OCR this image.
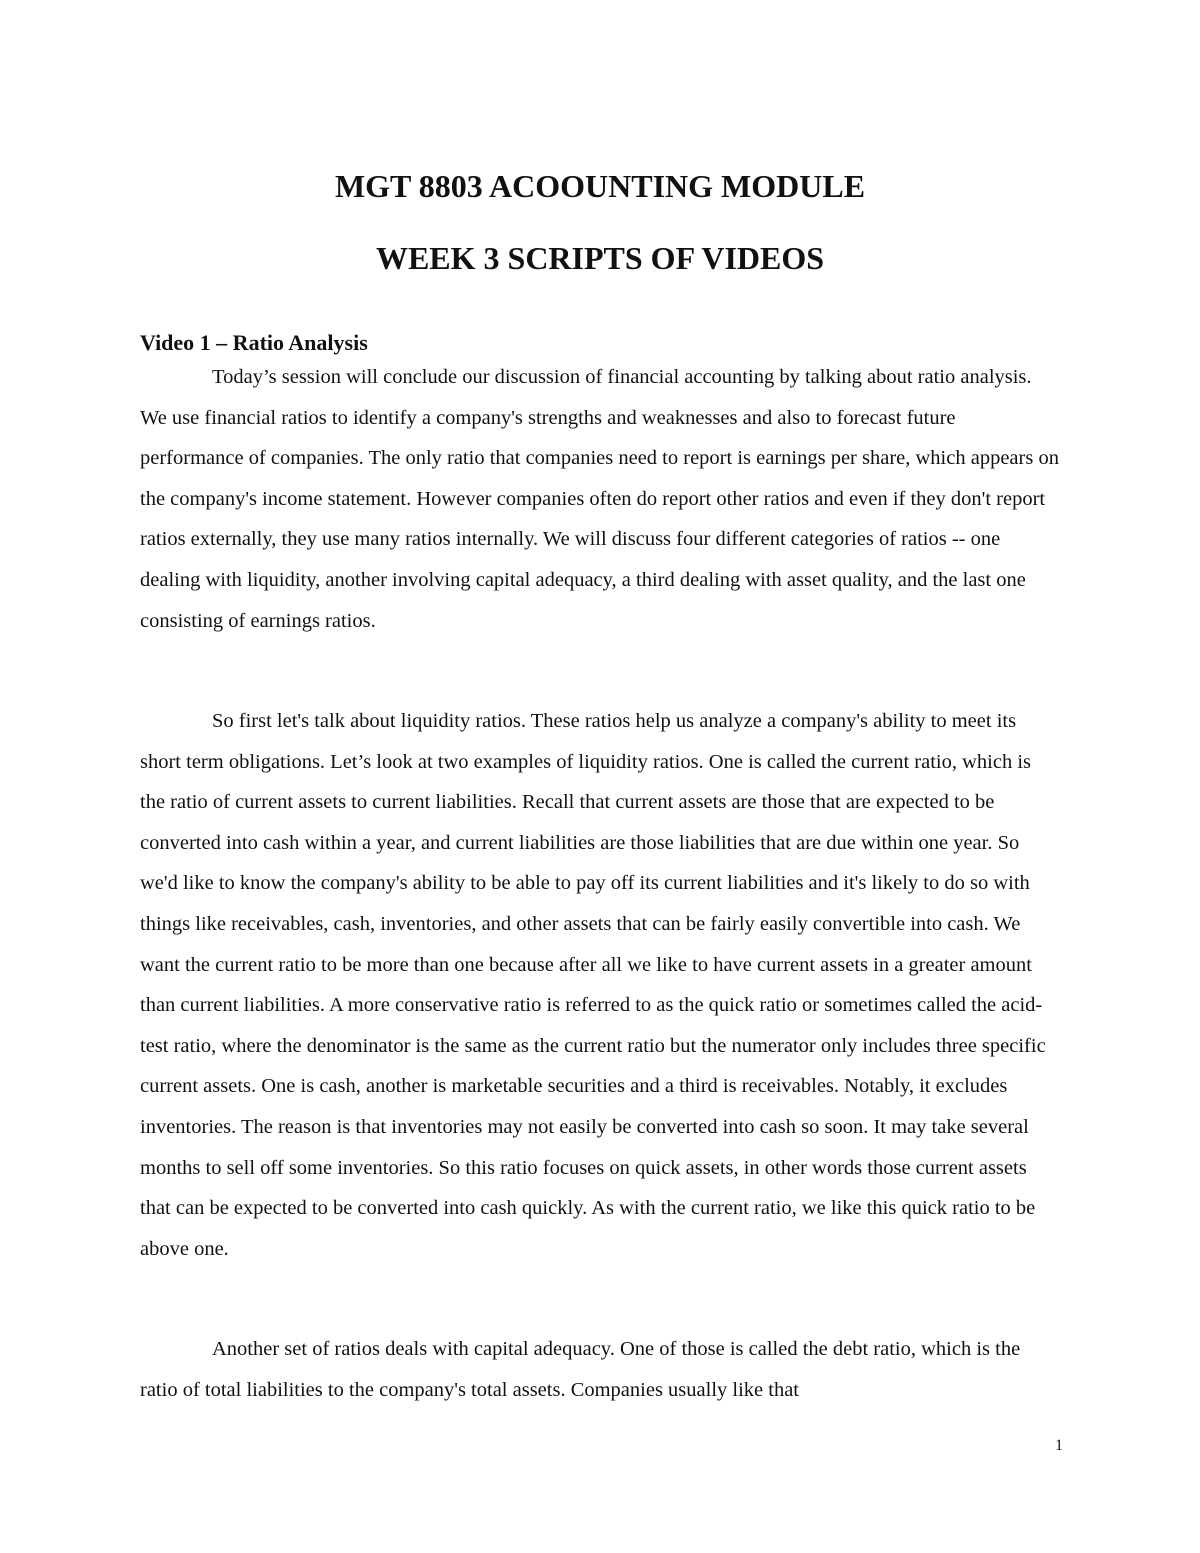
MGT 8803 ACOOUNTING MODULE
WEEK 3 SCRIPTS OF VIDEOS
Video 1 – Ratio Analysis

Today’s session will conclude our discussion of financial accounting by talking about ratio analysis. We use financial ratios to identify a company's strengths and weaknesses and also to forecast future performance of companies. The only ratio that companies need to report is earnings per share, which appears on the company's income statement. However companies often do report other ratios and even if they don't report ratios externally, they use many ratios internally. We will discuss four different categories of ratios -- one dealing with liquidity, another involving capital adequacy, a third dealing with asset quality, and the last one consisting of earnings ratios.

So first let's talk about liquidity ratios. These ratios help us analyze a company's ability to meet its short term obligations. Let’s look at two examples of liquidity ratios. One is called the current ratio, which is the ratio of current assets to current liabilities. Recall that current assets are those that are expected to be converted into cash within a year, and current liabilities are those liabilities that are due within one year. So we'd like to know the company's ability to be able to pay off its current liabilities and it's likely to do so with things like receivables, cash, inventories, and other assets that can be fairly easily convertible into cash. We want the current ratio to be more than one because after all we like to have current assets in a greater amount than current liabilities. A more conservative ratio is referred to as the quick ratio or sometimes called the acid-test ratio, where the denominator is the same as the current ratio but the numerator only includes three specific current assets. One is cash, another is marketable securities and a third is receivables. Notably, it excludes inventories. The reason is that inventories may not easily be converted into cash so soon. It may take several months to sell off some inventories. So this ratio focuses on quick assets, in other words those current assets that can be expected to be converted into cash quickly. As with the current ratio, we like this quick ratio to be above one.

Another set of ratios deals with capital adequacy. One of those is called the debt ratio, which is the ratio of total liabilities to the company's total assets. Companies usually like that

1
